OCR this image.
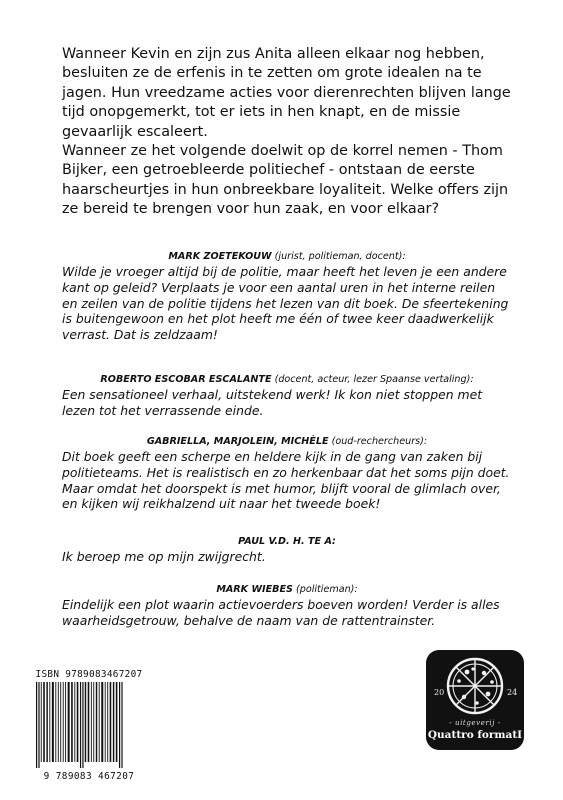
Wanneer Kevin en zijn zus Anita alleen elkaar nog hebben, besluiten ze de erfenis in te zetten om grote idealen na te jagen. Hun vreedzame acties voor dierenrechten blijven lange tijd onopgemerkt, tot er iets in hen knapt, en de missie gevaarlijk escaleert.

Wanneer ze het volgende doelwit op de korrel nemen - Thom Bijker, een getroebleerde politiechef - ontstaan de eerste haarscheurtjes in hun onbreekbare loyaliteit. Welke offers zijn ze bereid te brengen voor hun zaak, en voor elkaar?

MARK ZOETEKOUW (jurist, politieman, docent):

Wilde je vroeger altijd bij de politie, maar heeft het leven je een andere kant op geleid? Verplaats je voor een aantal uren in het interne reilen en zeilen van de politie tijdens het lezen van dit boek. De sfeertekening is buitengewoon en het plot heeft me één of twee keer daadwerkelijk verrast. Dat is zeldzaam!

ROBERTO ESCOBAR ESCALANTE (docent, acteur, lezer Spaanse vertaling):

Een sensationeel verhaal, uitstekend werk! Ik kon niet stoppen met lezen tot het verrassende einde.

GABRIELLA, MARJOLEIN, MICHÈLE (oud-rechercheurs):

Dit boek geeft een scherpe en heldere kijk in de gang van zaken bij politieteams. Het is realistisch en zo herkenbaar dat het soms pijn doet. Maar omdat het doorspekt is met humor, blijft vooral de glimlach over, en kijken wij reikhalzend uit naar het tweede boek!

PAUL V.D. H. TE A:

Ik beroep me op mijn zwijgrecht.

MARK WIEBES (politieman):

Eindelijk een plot waarin actievoerders boeven worden! Verder is alles waarheidsgetrouw, behalve de naam van de rattentrainster.

ISBN 9789083467207
9 789083 467207
20	24
- uitgeverij -
Quattro formatI
